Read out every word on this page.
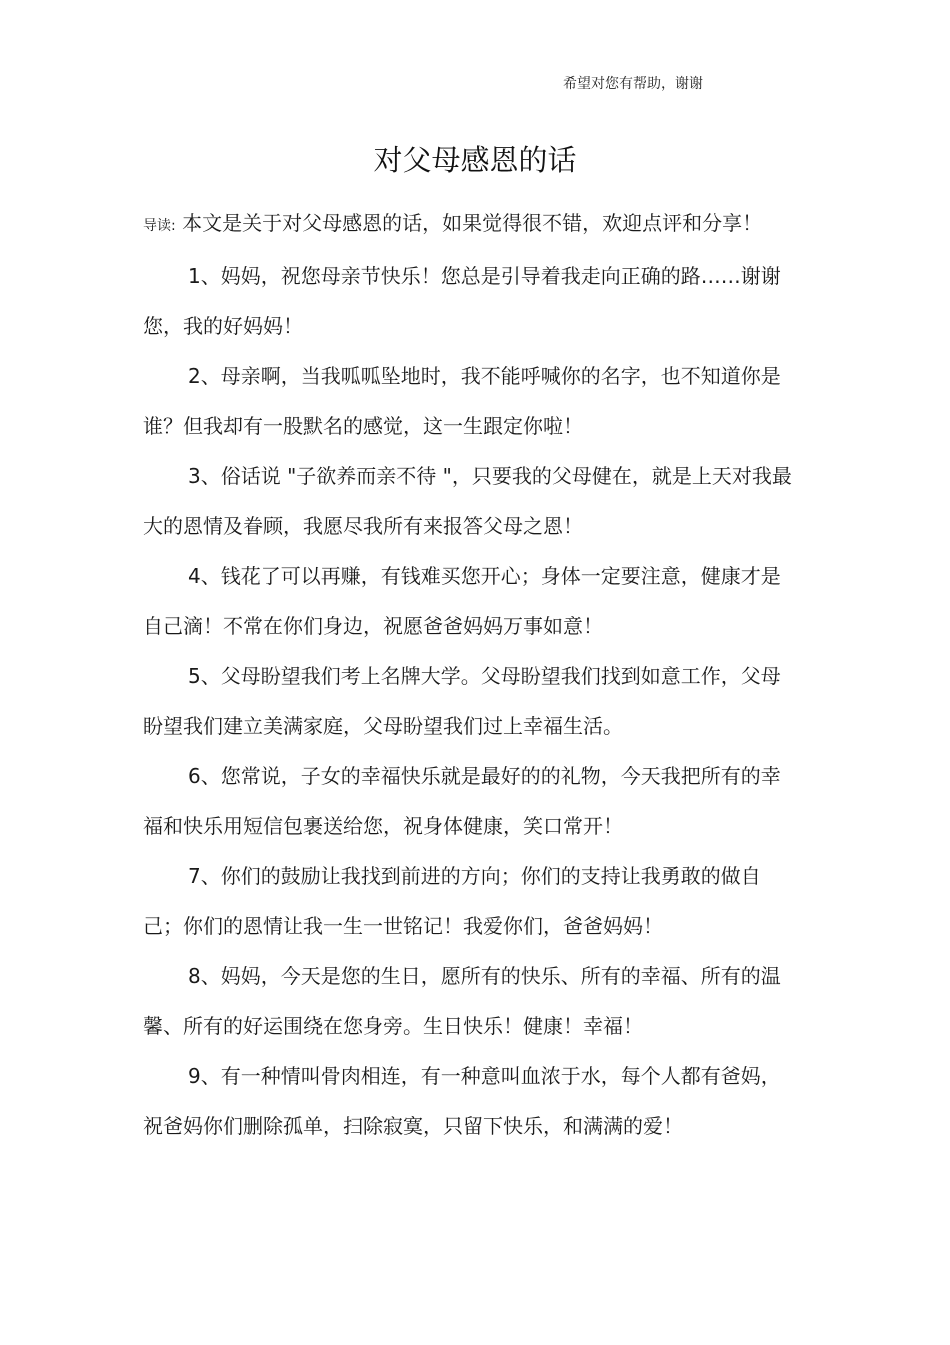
希望对您有帮助，谢谢
对父母感恩的话

导读: 本文是关于对父母感恩的话，如果觉得很不错，欢迎点评和分享！

1、妈妈，祝您母亲节快乐！您总是引导着我走向正确的路……谢谢您，我的好妈妈！

2、母亲啊，当我呱呱坠地时，我不能呼喊你的名字，也不知道你是谁？但我却有一股默名的感觉，这一生跟定你啦！

3、俗话说 "子欲养而亲不待 "，只要我的父母健在，就是上天对我最大的恩情及眷顾，我愿尽我所有来报答父母之恩！

4、钱花了可以再赚，有钱难买您开心；身体一定要注意，健康才是自己滴！不常在你们身边，祝愿爸爸妈妈万事如意！

5、父母盼望我们考上名牌大学。父母盼望我们找到如意工作，父母盼望我们建立美满家庭，父母盼望我们过上幸福生活。

6、您常说，子女的幸福快乐就是最好的的礼物，今天我把所有的幸福和快乐用短信包裹送给您，祝身体健康，笑口常开！

7、你们的鼓励让我找到前进的方向；你们的支持让我勇敢的做自己；你们的恩情让我一生一世铭记！我爱你们，爸爸妈妈！

8、妈妈，今天是您的生日，愿所有的快乐、所有的幸福、所有的温馨、所有的好运围绕在您身旁。生日快乐！健康！幸福！

9、有一种情叫骨肉相连，有一种意叫血浓于水，每个人都有爸妈，祝爸妈你们删除孤单，扫除寂寞，只留下快乐，和满满的爱！
